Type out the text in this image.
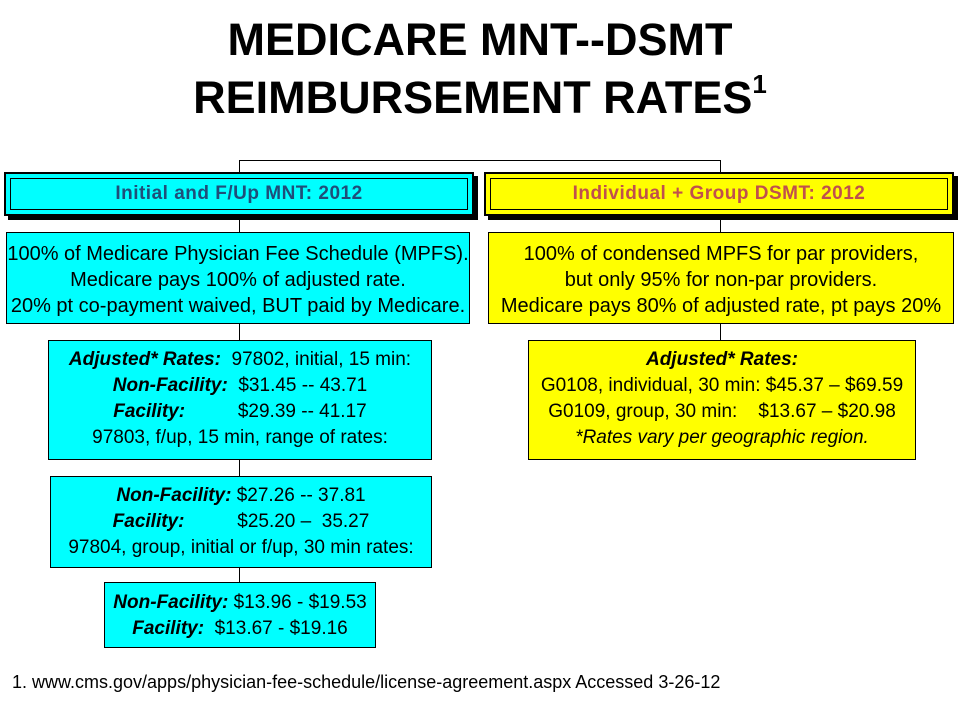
MEDICARE MNT--DSMT
REIMBURSEMENT RATES$^1$
Initial and F/Up MNT: 2012	Individual + Group DSMT: 2012
100% of Medicare Physician Fee Schedule (MPFS).
Medicare pays 100% of adjusted rate.
20% pt co-payment waived, BUT paid by Medicare.
100% of condensed MPFS for par providers,
but only 95% for non-par providers.
Medicare pays 80% of adjusted rate, pt pays 20%
Adjusted* Rates:  97802, initial, 15 min:
Non-Facility:  $31.45 -- 43.71
Facility:          $29.39 -- 41.17
97803, f/up, 15 min, range of rates:
Adjusted* Rates:
G0108, individual, 30 min: $45.37 – $69.59
G0109, group, 30 min:    $13.67 – $20.98
*Rates vary per geographic region.
Non-Facility: $27.26 -- 37.81
Facility:          $25.20 –  35.27
97804, group, initial or f/up, 30 min rates:
Non-Facility: $13.96 - $19.53
Facility:  $13.67 - $19.16
1. www.cms.gov/apps/physician-fee-schedule/license-agreement.aspx Accessed 3-26-12
